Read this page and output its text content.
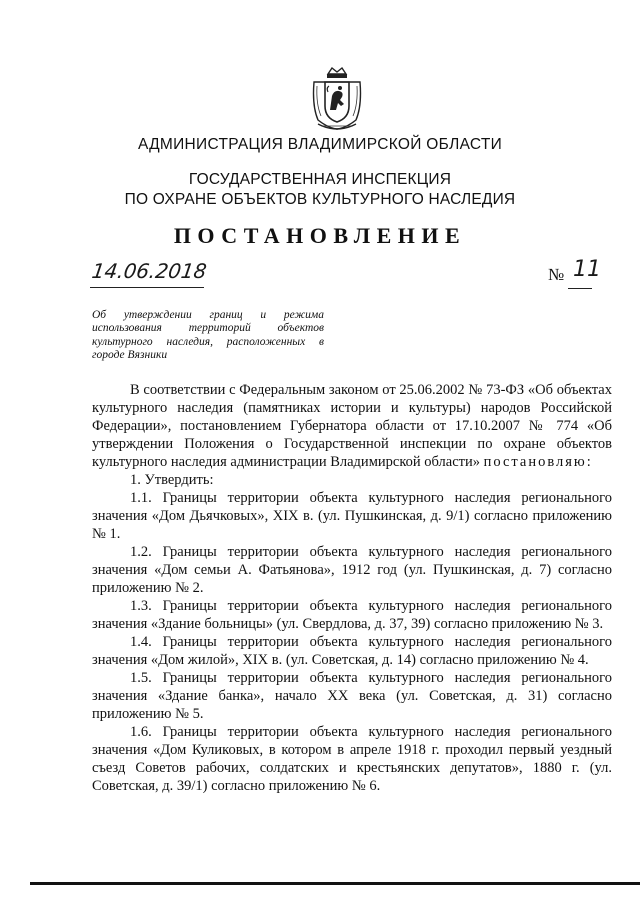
АДМИНИСТРАЦИЯ ВЛАДИМИРСКОЙ ОБЛАСТИ
ГОСУДАРСТВЕННАЯ ИНСПЕКЦИЯ
ПО ОХРАНЕ ОБЪЕКТОВ КУЛЬТУРНОГО НАСЛЕДИЯ
ПОСТАНОВЛЕНИЕ
14.06.2018	№ 11
Об утверждении границ и режима использования территорий объектов культурного наследия, расположенных в городе Вязники

В соответствии с Федеральным законом от 25.06.2002 № 73-ФЗ «Об объектах культурного наследия (памятниках истории и культуры) народов Российской Федерации», постановлением Губернатора области от 17.10.2007 № 774 «Об утверждении Положения о Государственной инспекции по охране объектов культурного наследия администрации Владимирской области» постановляю:

1. Утвердить:

1.1. Границы территории объекта культурного наследия регионального значения «Дом Дьячковых», XIX в. (ул. Пушкинская, д. 9/1) согласно приложению № 1.

1.2. Границы территории объекта культурного наследия регионального значения «Дом семьи А. Фатьянова», 1912 год (ул. Пушкинская, д. 7) согласно приложению № 2.

1.3. Границы территории объекта культурного наследия регионального значения «Здание больницы» (ул. Свердлова, д. 37, 39) согласно приложению № 3.

1.4. Границы территории объекта культурного наследия регионального значения «Дом жилой», XIX в. (ул. Советская, д. 14) согласно приложению № 4.

1.5. Границы территории объекта культурного наследия регионального значения «Здание банка», начало XX века (ул. Советская, д. 31) согласно приложению № 5.

1.6. Границы территории объекта культурного наследия регионального значения «Дом Куликовых, в котором в апреле 1918 г. проходил первый уездный съезд Советов рабочих, солдатских и крестьянских депутатов», 1880 г. (ул. Советская, д. 39/1) согласно приложению № 6.
